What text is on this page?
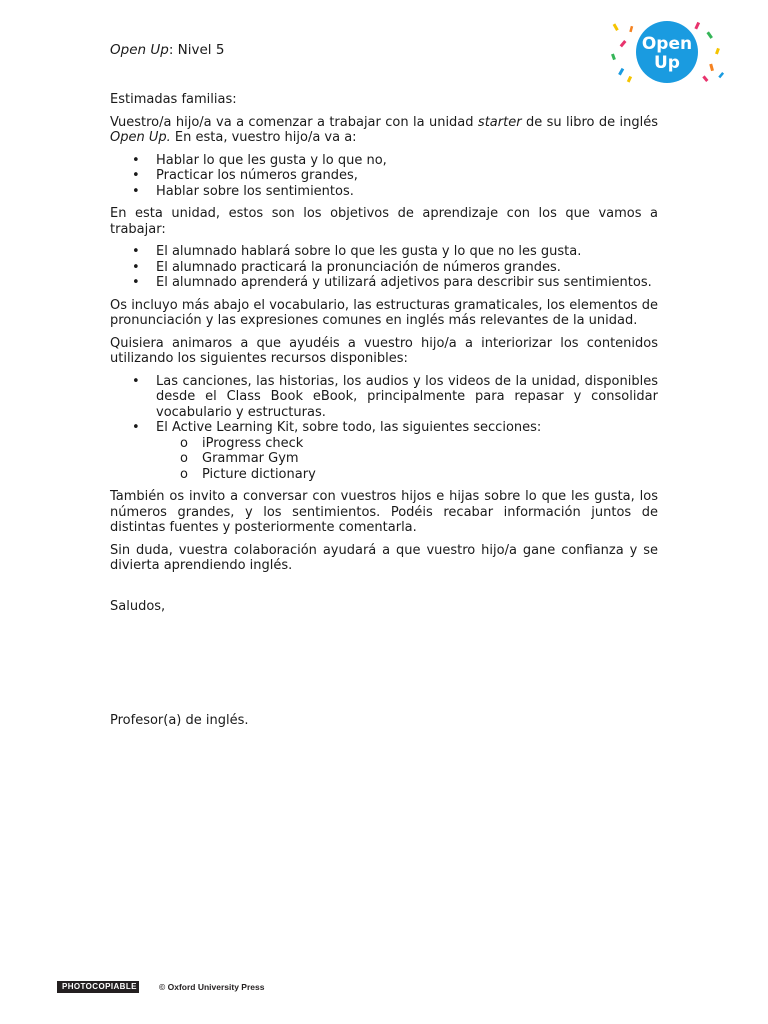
Open Up: Nivel 5	Open
Up

Estimadas familias:

Vuestro/a hijo/a va a comenzar a trabajar con la unidad starter de su libro de inglés Open Up. En esta, vuestro hijo/a va a:

• Hablar lo que les gusta y lo que no,
• Practicar los números grandes,
• Hablar sobre los sentimientos.

En esta unidad, estos son los objetivos de aprendizaje con los que vamos a trabajar:

• El alumnado hablará sobre lo que les gusta y lo que no les gusta.
• El alumnado practicará la pronunciación de números grandes.
• El alumnado aprenderá y utilizará adjetivos para describir sus sentimientos.

Os incluyo más abajo el vocabulario, las estructuras gramaticales, los elementos de pronunciación y las expresiones comunes en inglés más relevantes de la unidad.

Quisiera animaros a que ayudéis a vuestro hijo/a a interiorizar los contenidos utilizando los siguientes recursos disponibles:

• Las canciones, las historias, los audios y los videos de la unidad, disponibles desde el Class Book eBook, principalmente para repasar y consolidar vocabulario y estructuras.
• El Active Learning Kit, sobre todo, las siguientes secciones:
o iProgress check
o Grammar Gym
o Picture dictionary

También os invito a conversar con vuestros hijos e hijas sobre lo que les gusta, los números grandes, y los sentimientos. Podéis recabar información juntos de distintas fuentes y posteriormente comentarla.

Sin duda, vuestra colaboración ayudará a que vuestro hijo/a gane confianza y se divierta aprendiendo inglés.

Saludos,

Profesor(a) de inglés.

PHOTOCOPIABLE	© Oxford University Press
